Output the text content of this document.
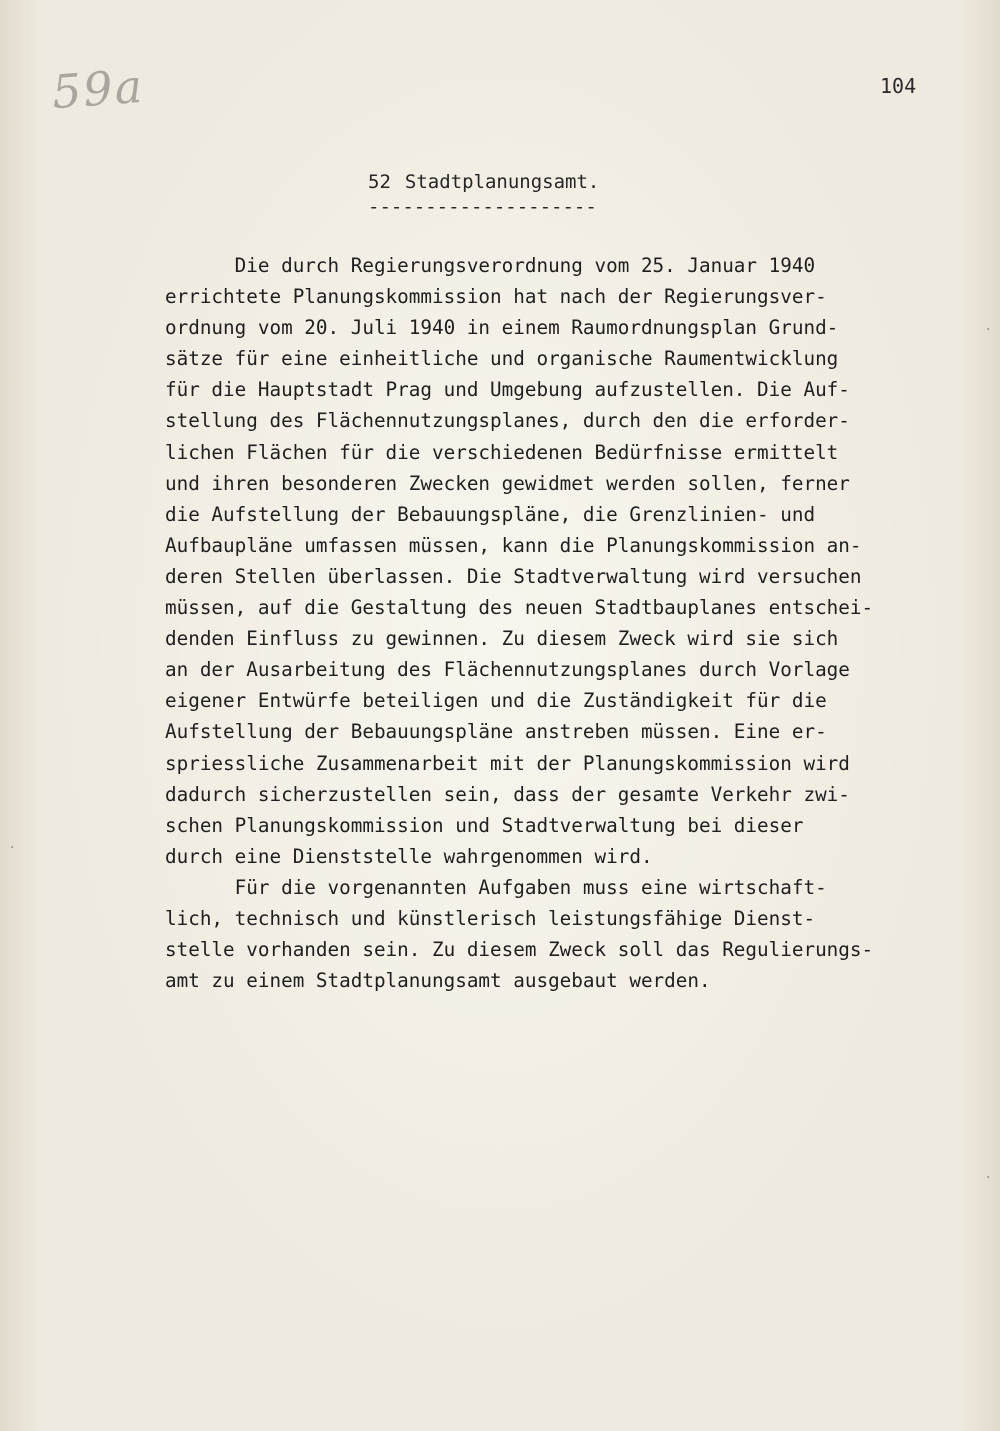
59a	104
52 Stadtplanungsamt.
--------------------
Die durch Regierungsverordnung vom 25. Januar 1940
errichtete Planungskommission hat nach der Regierungsver-
ordnung vom 20. Juli 1940 in einem Raumordnungsplan Grund-
sätze für eine einheitliche und organische Raumentwicklung
für die Hauptstadt Prag und Umgebung aufzustellen. Die Auf-
stellung des Flächennutzungsplanes, durch den die erforder-
lichen Flächen für die verschiedenen Bedürfnisse ermittelt
und ihren besonderen Zwecken gewidmet werden sollen, ferner
die Aufstellung der Bebauungspläne, die Grenzlinien- und
Aufbaupläne umfassen müssen, kann die Planungskommission an-
deren Stellen überlassen. Die Stadtverwaltung wird versuchen
müssen, auf die Gestaltung des neuen Stadtbauplanes entschei-
denden Einfluss zu gewinnen. Zu diesem Zweck wird sie sich
an der Ausarbeitung des Flächennutzungsplanes durch Vorlage
eigener Entwürfe beteiligen und die Zuständigkeit für die
Aufstellung der Bebauungspläne anstreben müssen. Eine er-
spriessliche Zusammenarbeit mit der Planungskommission wird
dadurch sicherzustellen sein, dass der gesamte Verkehr zwi-
schen Planungskommission und Stadtverwaltung bei dieser
durch eine Dienststelle wahrgenommen wird.
Für die vorgenannten Aufgaben muss eine wirtschaft-
lich, technisch und künstlerisch leistungsfähige Dienst-
stelle vorhanden sein. Zu diesem Zweck soll das Regulierungs-
amt zu einem Stadtplanungsamt ausgebaut werden.
·
·
·
